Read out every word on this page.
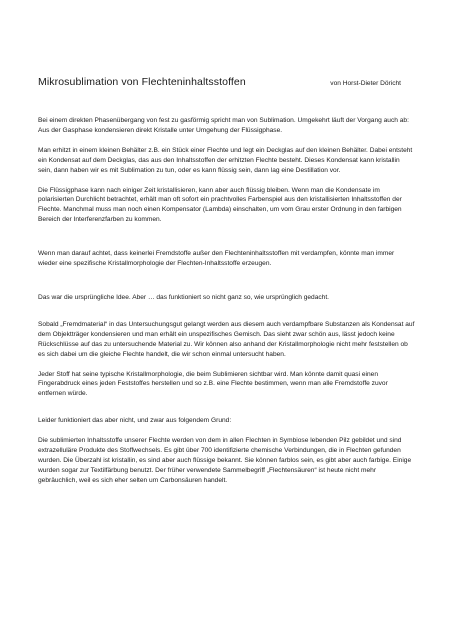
Mikrosublimation von Flechteninhaltsstoffen	von Horst-Dieter Döricht

Bei einem direkten Phasenübergang von fest zu gasförmig spricht man von Sublimation. Umgekehrt läuft der Vorgang auch ab: Aus der Gasphase kondensieren direkt Kristalle unter Umgehung der Flüssigphase.

Man erhitzt in einem kleinen Behälter z.B. ein Stück einer Flechte und legt ein Deckglas auf den kleinen Behälter. Dabei entsteht ein Kondensat auf dem Deckglas, das aus den Inhaltsstoffen der erhitzten Flechte besteht. Dieses Kondensat kann kristallin sein, dann haben wir es mit Sublimation zu tun, oder es kann flüssig sein, dann lag eine Destillation vor.

Die Flüssigphase kann nach einiger Zeit kristallisieren, kann aber auch flüssig bleiben. Wenn man die Kondensate im polarisierten Durchlicht betrachtet, erhält man oft sofort ein prachtvolles Farbenspiel aus den kristallisierten Inhaltsstoffen der Flechte. Manchmal muss man noch einen Kompensator (Lambda) einschalten, um vom Grau erster Ordnung in den farbigen Bereich der Interferenzfarben zu kommen.

Wenn man darauf achtet, dass keinerlei Fremdstoffe außer den Flechteninhaltsstoffen mit verdampfen, könnte man immer wieder eine spezifische Kristallmorphologie der Flechten-Inhaltsstoffe erzeugen.

Das war die ursprüngliche Idee. Aber … das funktioniert so nicht ganz so, wie ursprünglich gedacht.

Sobald „Fremdmaterial“ in das Untersuchungsgut gelangt werden aus diesem auch verdampfbare Substanzen als Kondensat auf dem Objektträger kondensieren und man erhält ein unspezifisches Gemisch. Das sieht zwar schön aus, lässt jedoch keine Rückschlüsse auf das zu untersuchende Material zu. Wir können also anhand der Kristallmorphologie nicht mehr feststellen ob es sich dabei um die gleiche Flechte handelt, die wir schon einmal untersucht haben.

Jeder Stoff hat seine typische Kristallmorphologie, die beim Sublimieren sichtbar wird. Man könnte damit quasi einen Fingerabdruck eines jeden Feststoffes herstellen und so z.B. eine Flechte bestimmen, wenn man alle Fremdstoffe zuvor entfernen würde.

Leider funktioniert das aber nicht, und zwar aus folgendem Grund:

Die sublimierten Inhaltsstoffe unserer Flechte werden von dem in allen Flechten in Symbiose lebenden Pilz gebildet und sind extrazelluläre Produkte des Stoffwechsels. Es gibt über 700 identifizierte chemische Verbindungen, die in Flechten gefunden wurden. Die Überzahl ist kristallin, es sind aber auch flüssige bekannt. Sie können farblos sein, es gibt aber auch farbige. Einige wurden sogar zur Textilfärbung benutzt. Der früher verwendete Sammelbegriff „Flechtensäuren“ ist heute nicht mehr gebräuchlich, weil es sich eher selten um Carbonsäuren handelt.
